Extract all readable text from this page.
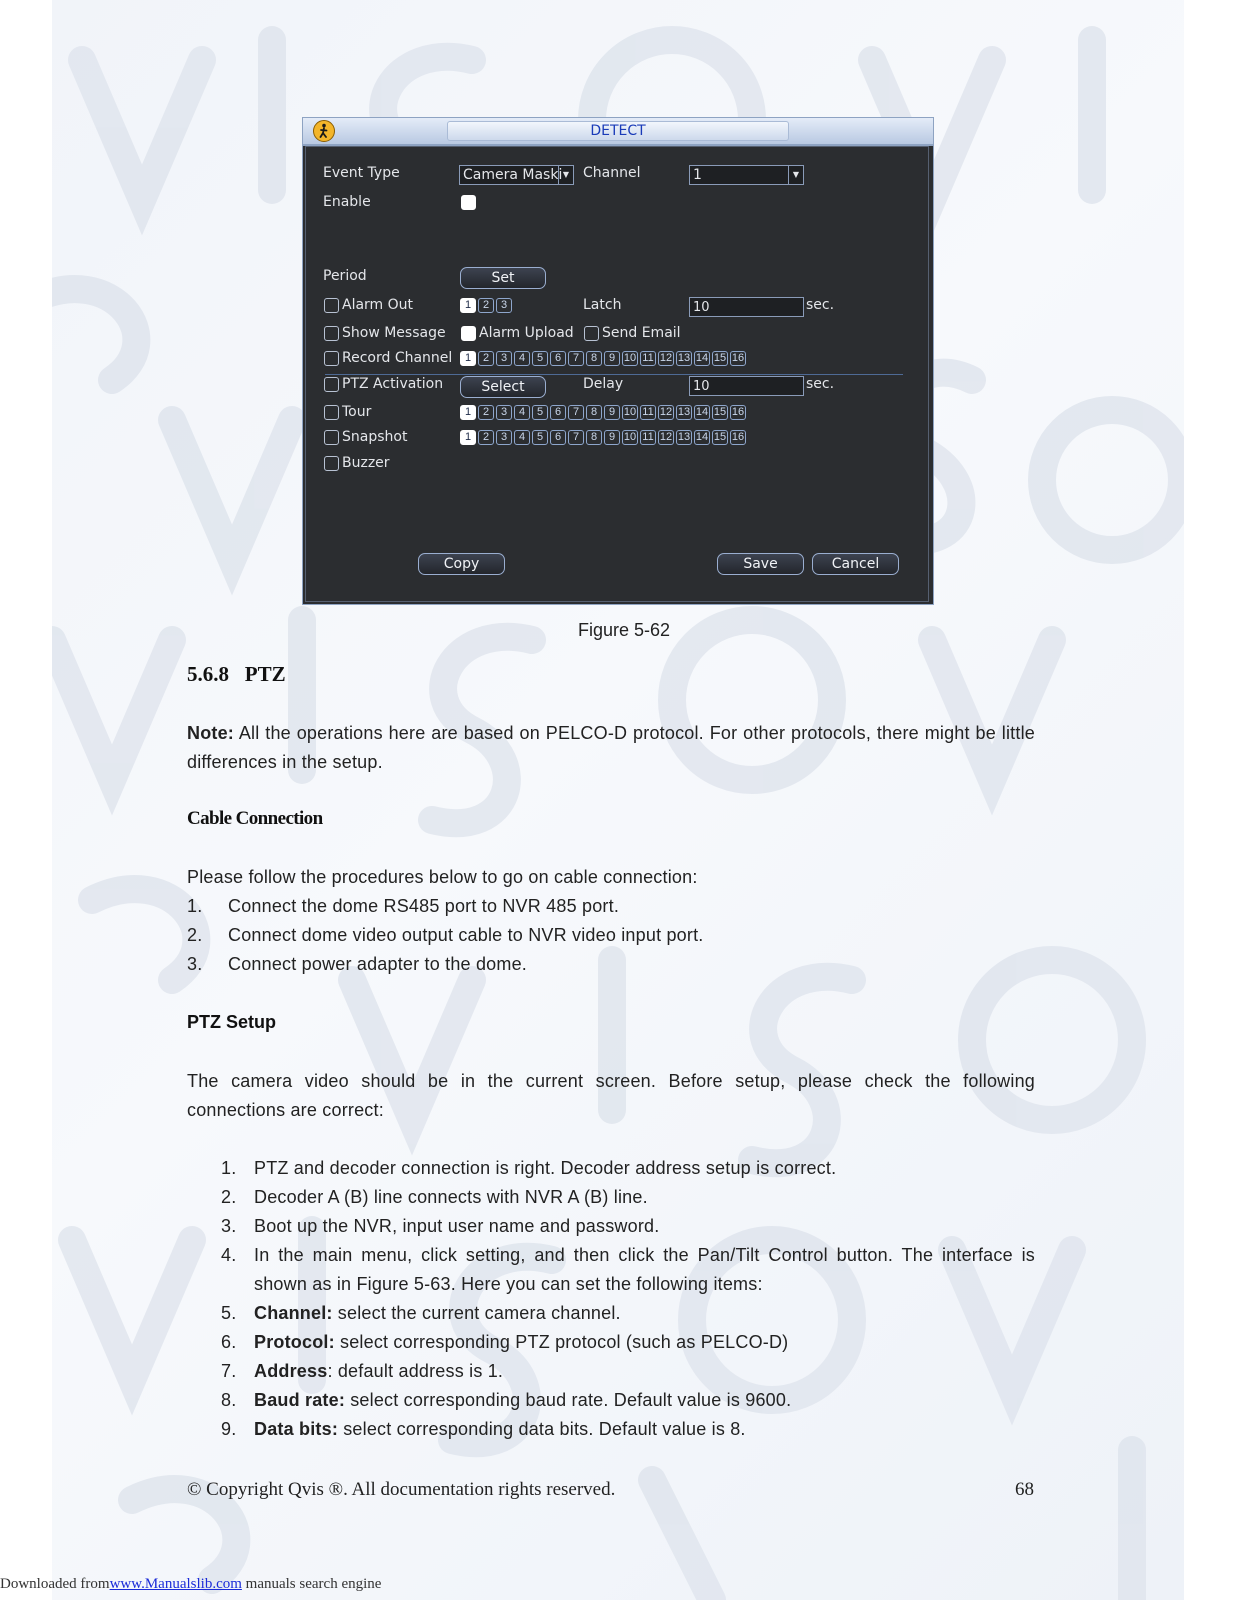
DETECT
Event Type	Camera Maski ▼ Channel	1	▼
Enable
Period	Set
Alarm Out	1	2	3	Latch	10	sec.
Show Message Alarm Upload Send Email
Record Channel	1	2	3	4	5	6	7	8	9 10 11 12 13 14 15 16
PTZ Activation	Select	Delay	10	sec.
Tour	1	2	3	4	5	6	7	8	9 10 11 12 13 14 15 16
Snapshot	1	2	3	4	5	6	7	8	9 10 11 12 13 14 15 16
Buzzer
Copy	Save	Cancel
Figure 5-62
5.6.8 PTZ
Note: All the operations here are based on PELCO-D protocol. For other protocols, there might be little differences in the setup.
Cable Connection
Please follow the procedures below to go on cable connection:
1. Connect the dome RS485 port to NVR 485 port.
2. Connect dome video output cable to NVR video input port.
3. Connect power adapter to the dome.
PTZ Setup
The camera video should be in the current screen. Before setup, please check the following connections are correct:
1. PTZ and decoder connection is right. Decoder address setup is correct.
2. Decoder A (B) line connects with NVR A (B) line.
3. Boot up the NVR, input user name and password.
4. In the main menu, click setting, and then click the Pan/Tilt Control button. The interface is shown as in Figure 5-63. Here you can set the following items:
5. Channel: select the current camera channel.
6. Protocol: select corresponding PTZ protocol (such as PELCO-D)
7. Address: default address is 1.
8. Baud rate: select corresponding baud rate. Default value is 9600.
9. Data bits: select corresponding data bits. Default value is 8.
© Copyright Qvis ®. All documentation rights reserved.	68
Downloaded fromwww.Manualslib.com manuals search engine
